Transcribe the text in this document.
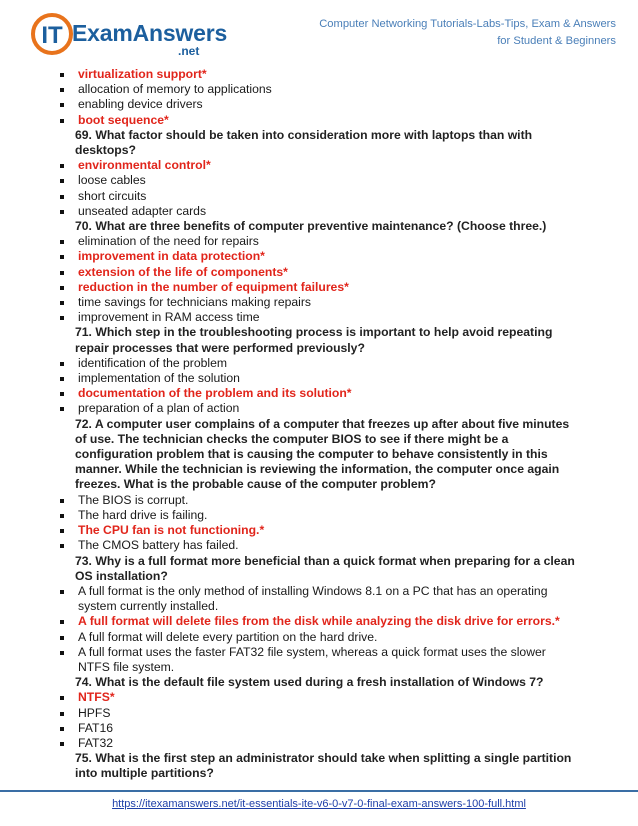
IT ExamAnswers
.net
Computer Networking Tutorials-Labs-Tips, Exam & Answers
for Student & Beginners
virtualization support*
allocation of memory to applications
enabling device drivers
boot sequence*
69. What factor should be taken into consideration more with laptops than with desktops?
environmental control*
loose cables
short circuits
unseated adapter cards
70. What are three benefits of computer preventive maintenance? (Choose three.)
elimination of the need for repairs
improvement in data protection*
extension of the life of components*
reduction in the number of equipment failures*
time savings for technicians making repairs
improvement in RAM access time
71. Which step in the troubleshooting process is important to help avoid repeating repair processes that were performed previously?
identification of the problem
implementation of the solution
documentation of the problem and its solution*
preparation of a plan of action
72. A computer user complains of a computer that freezes up after about five minutes of use. The technician checks the computer BIOS to see if there might be a configuration problem that is causing the computer to behave consistently in this manner. While the technician is reviewing the information, the computer once again freezes. What is the probable cause of the computer problem?
The BIOS is corrupt.
The hard drive is failing.
The CPU fan is not functioning.*
The CMOS battery has failed.
73. Why is a full format more beneficial than a quick format when preparing for a clean OS installation?
A full format is the only method of installing Windows 8.1 on a PC that has an operating system currently installed.
A full format will delete files from the disk while analyzing the disk drive for errors.*
A full format will delete every partition on the hard drive.
A full format uses the faster FAT32 file system, whereas a quick format uses the slower NTFS file system.
74. What is the default file system used during a fresh installation of Windows 7?
NTFS*
HPFS
FAT16
FAT32
75. What is the first step an administrator should take when splitting a single partition into multiple partitions?
https://itexamanswers.net/it-essentials-ite-v6-0-v7-0-final-exam-answers-100-full.html
